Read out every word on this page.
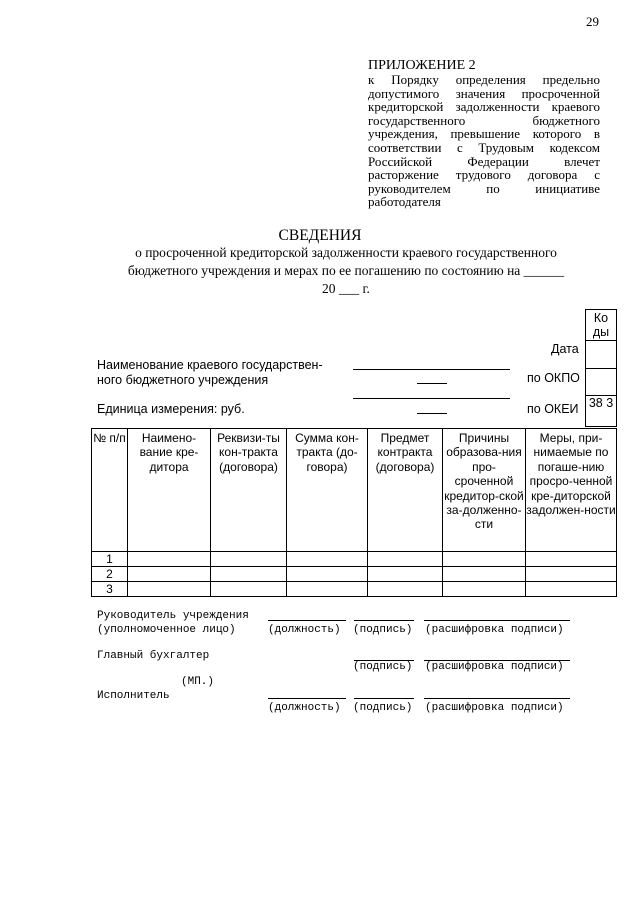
29
ПРИЛОЖЕНИЕ 2
к Порядку определения предельно допустимого значения просроченной кредиторской задолженности краевого государственного бюджетного учреждения, превышение которого в соответствии с Трудовым кодексом Российской Федерации влечет расторжение трудового договора с руководителем по инициативе работодателя
СВЕДЕНИЯ
о просроченной кредиторской задолженности краевого государственного
бюджетного учреждения и мерах по ее погашению по состоянию на ______
20 ___ г.
Ко ды
38 3
Дата
по ОКПО
по ОКЕИ
Наименование краевого государствен-
ного бюджетного учреждения
Единица измерения: руб.
№ п/п	Наимено-вание кре-дитора	Реквизи-ты кон-тракта (договора)	Сумма кон-тракта (до-говора)	Предмет контракта (договора)	Причины образова-ния про-сроченной кредитор-ской за-долженно-сти	Меры, при-нимаемые по погаше-нию просро-ченной кре-диторской задолжен-ности
1						
2						
3						
Руководитель учреждения
(уполномоченное лицо)	(должность) (подпись) (расшифровка подписи)
Главный бухгалтер
(подпись) (расшифровка подписи)
(МП.)
Исполнитель
(должность) (подпись) (расшифровка подписи)
